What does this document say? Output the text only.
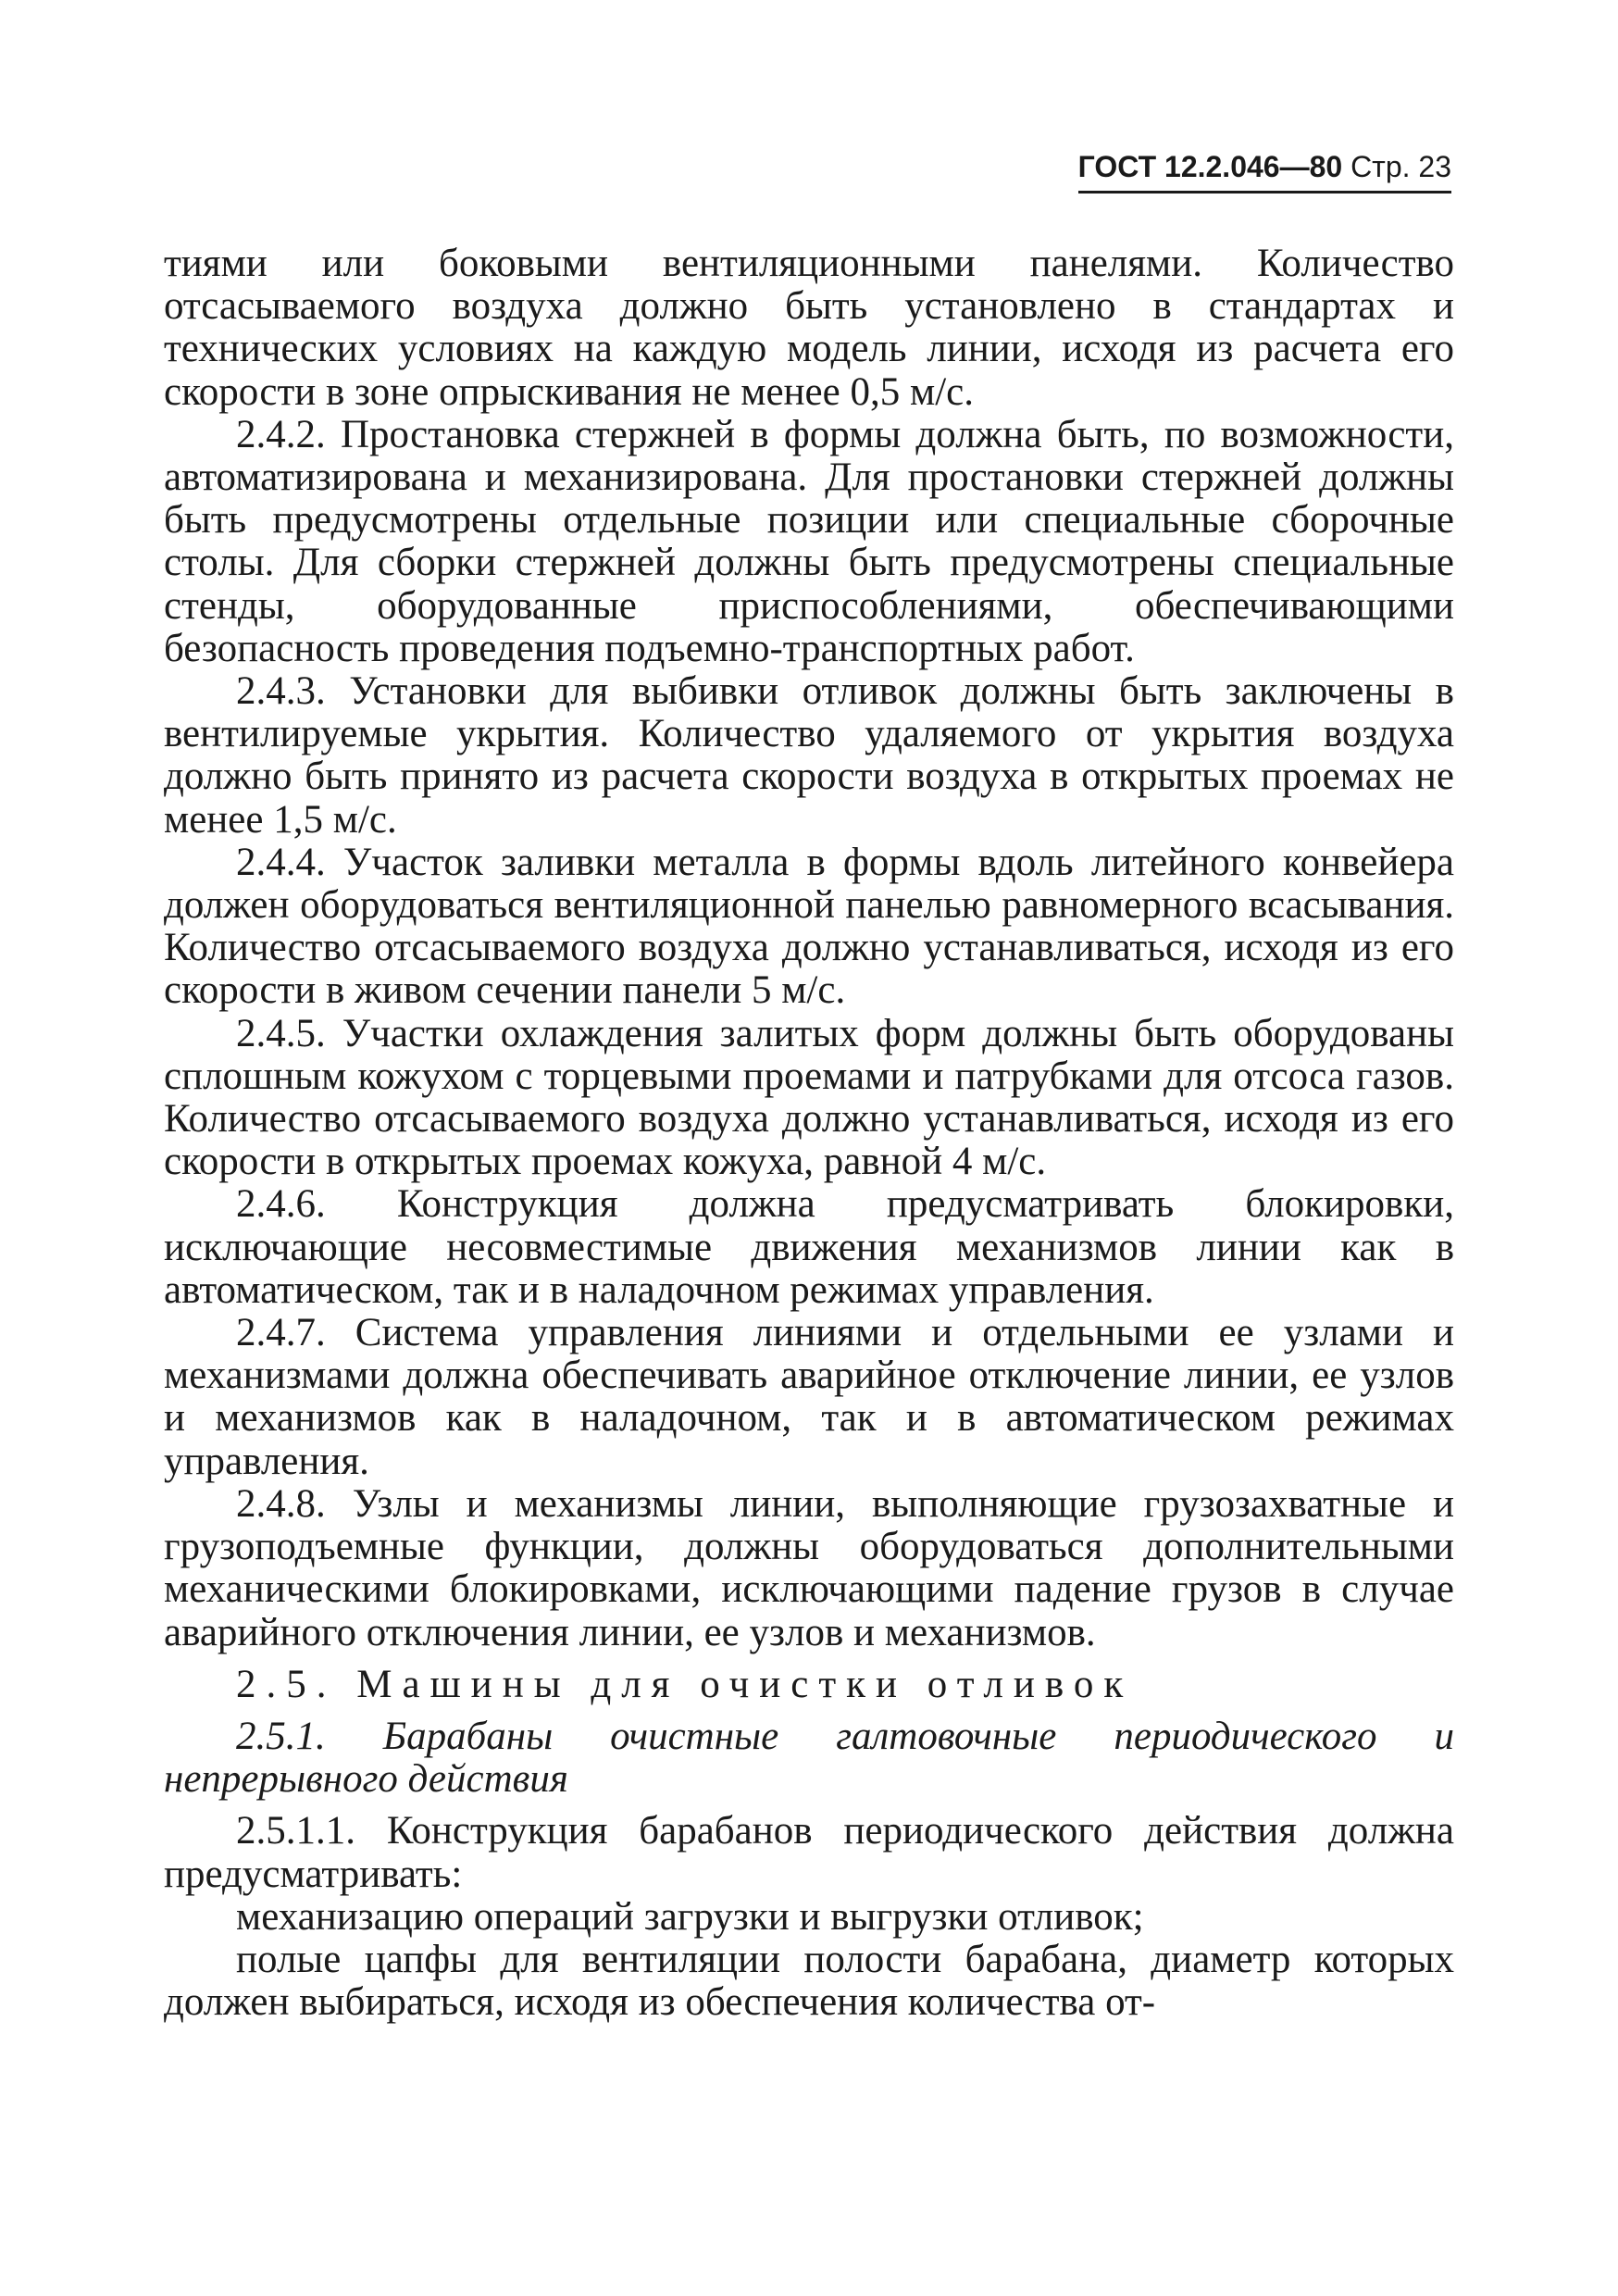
ГОСТ 12.2.046—80 Стр. 23

тиями или боковыми вентиляционными панелями. Количество отсасываемого воздуха должно быть установлено в стандартах и технических условиях на каждую модель линии, исходя из расчета его скорости в зоне опрыскивания не менее 0,5 м/с.

2.4.2. Простановка стержней в формы должна быть, по возможности, автоматизирована и механизирована. Для простановки стержней должны быть предусмотрены отдельные позиции или специальные сборочные столы. Для сборки стержней должны быть предусмотрены специальные стенды, оборудованные приспособлениями, обеспечивающими безопасность проведения подъемно-транспортных работ.

2.4.3. Установки для выбивки отливок должны быть заключены в вентилируемые укрытия. Количество удаляемого от укрытия воздуха должно быть принято из расчета скорости воздуха в открытых проемах не менее 1,5 м/с.

2.4.4. Участок заливки металла в формы вдоль литейного конвейера должен оборудоваться вентиляционной панелью равномерного всасывания. Количество отсасываемого воздуха должно устанавливаться, исходя из его скорости в живом сечении панели 5 м/с.

2.4.5. Участки охлаждения залитых форм должны быть оборудованы сплошным кожухом с торцевыми проемами и патрубками для отсоса газов. Количество отсасываемого воздуха должно устанавливаться, исходя из его скорости в открытых проемах кожуха, равной 4 м/с.

2.4.6. Конструкция должна предусматривать блокировки, исключающие несовместимые движения механизмов линии как в автоматическом, так и в наладочном режимах управления.

2.4.7. Система управления линиями и отдельными ее узлами и механизмами должна обеспечивать аварийное отключение линии, ее узлов и механизмов как в наладочном, так и в автоматическом режимах управления.

2.4.8. Узлы и механизмы линии, выполняющие грузозахватные и грузоподъемные функции, должны оборудоваться дополнительными механическими блокировками, исключающими падение грузов в случае аварийного отключения линии, ее узлов и механизмов.

2.5. Машины для очистки отливок

2.5.1. Барабаны очистные галтовочные периодического и непрерывного действия

2.5.1.1. Конструкция барабанов периодического действия должна предусматривать:

механизацию операций загрузки и выгрузки отливок;

полые цапфы для вентиляции полости барабана, диаметр которых должен выбираться, исходя из обеспечения количества от-
